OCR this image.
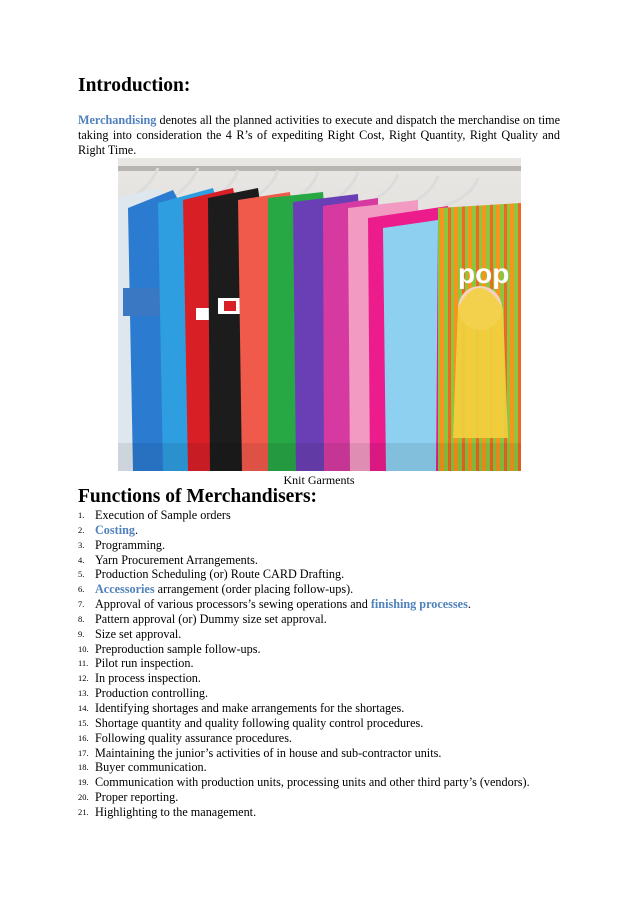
Introduction:

Merchandising denotes all the planned activities to execute and dispatch the merchandise on time taking into consideration the 4 R’s of expediting Right Cost, Right Quantity, Right Quality and Right Time.

pop
Knit Garments
Functions of Merchandisers:
1. Execution of Sample orders
2. Costing.
3. Programming.
4. Yarn Procurement Arrangements.
5. Production Scheduling (or) Route CARD Drafting.
6. Accessories arrangement (order placing follow-ups).
7. Approval of various processors’s sewing operations and finishing processes.
8. Pattern approval (or) Dummy size set approval.
9. Size set approval.
10. Preproduction sample follow-ups.
11. Pilot run inspection.
12. In process inspection.
13. Production controlling.
14. Identifying shortages and make arrangements for the shortages.
15. Shortage quantity and quality following quality control procedures.
16. Following quality assurance procedures.
17. Maintaining the junior’s activities of in house and sub-contractor units.
18. Buyer communication.
19. Communication with production units, processing units and other third party’s (vendors).
20. Proper reporting.
21. Highlighting to the management.
